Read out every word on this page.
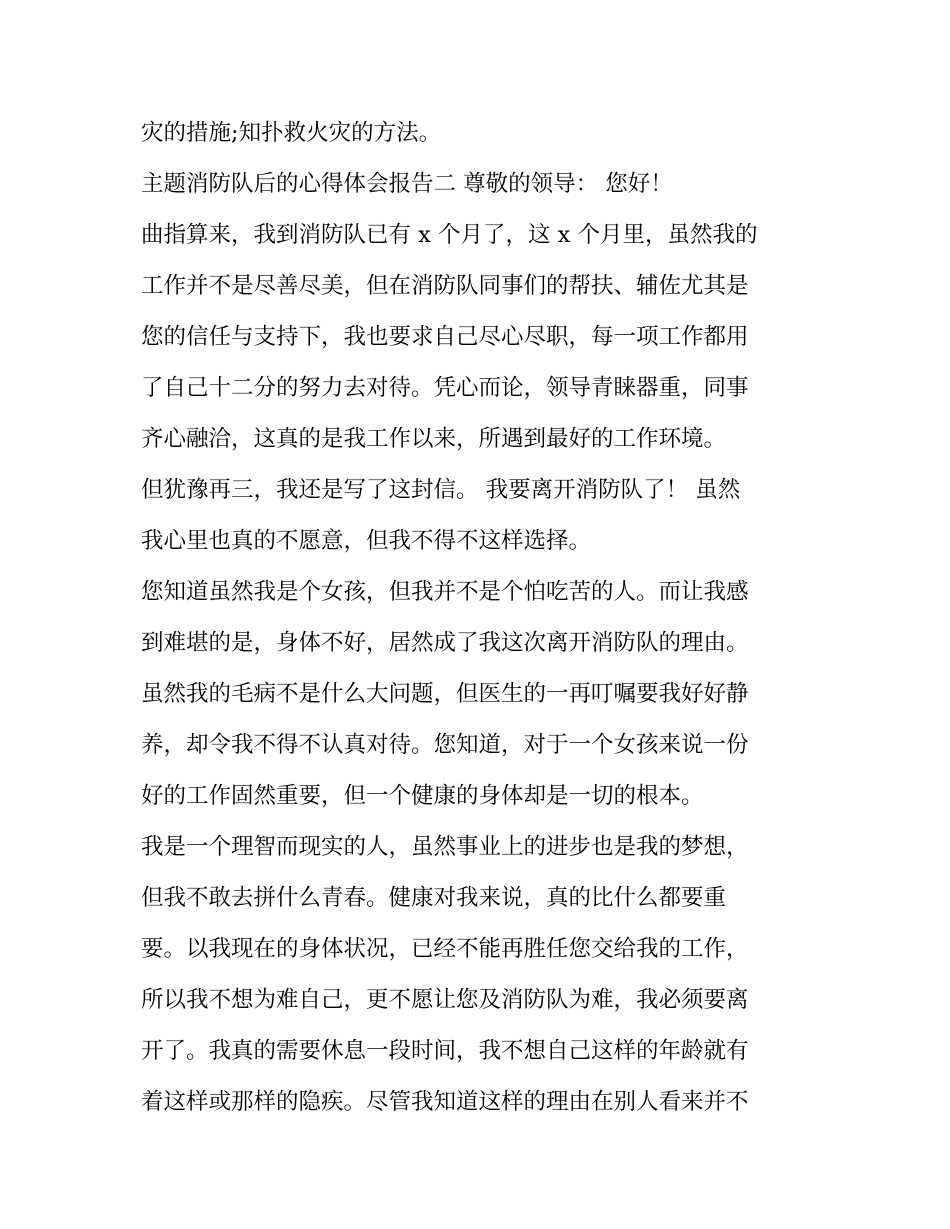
灾的措施;知扑救火灾的方法。
主题消防队后的心得体会报告二 尊敬的领导： 您好！
曲指算来，我到消防队已有 x 个月了，这 x 个月里，虽然我的
工作并不是尽善尽美，但在消防队同事们的帮扶、辅佐尤其是
您的信任与支持下，我也要求自己尽心尽职，每一项工作都用
了自己十二分的努力去对待。凭心而论，领导青睐器重，同事
齐心融洽，这真的是我工作以来，所遇到最好的工作环境。
但犹豫再三，我还是写了这封信。 我要离开消防队了！ 虽然
我心里也真的不愿意，但我不得不这样选择。
您知道虽然我是个女孩，但我并不是个怕吃苦的人。而让我感
到难堪的是，身体不好，居然成了我这次离开消防队的理由。
虽然我的毛病不是什么大问题，但医生的一再叮嘱要我好好静
养，却令我不得不认真对待。您知道，对于一个女孩来说一份
好的工作固然重要，但一个健康的身体却是一切的根本。
我是一个理智而现实的人，虽然事业上的进步也是我的梦想，
但我不敢去拼什么青春。健康对我来说，真的比什么都要重
要。以我现在的身体状况，已经不能再胜任您交给我的工作，
所以我不想为难自己，更不愿让您及消防队为难，我必须要离
开了。我真的需要休息一段时间，我不想自己这样的年龄就有
着这样或那样的隐疾。尽管我知道这样的理由在别人看来并不
